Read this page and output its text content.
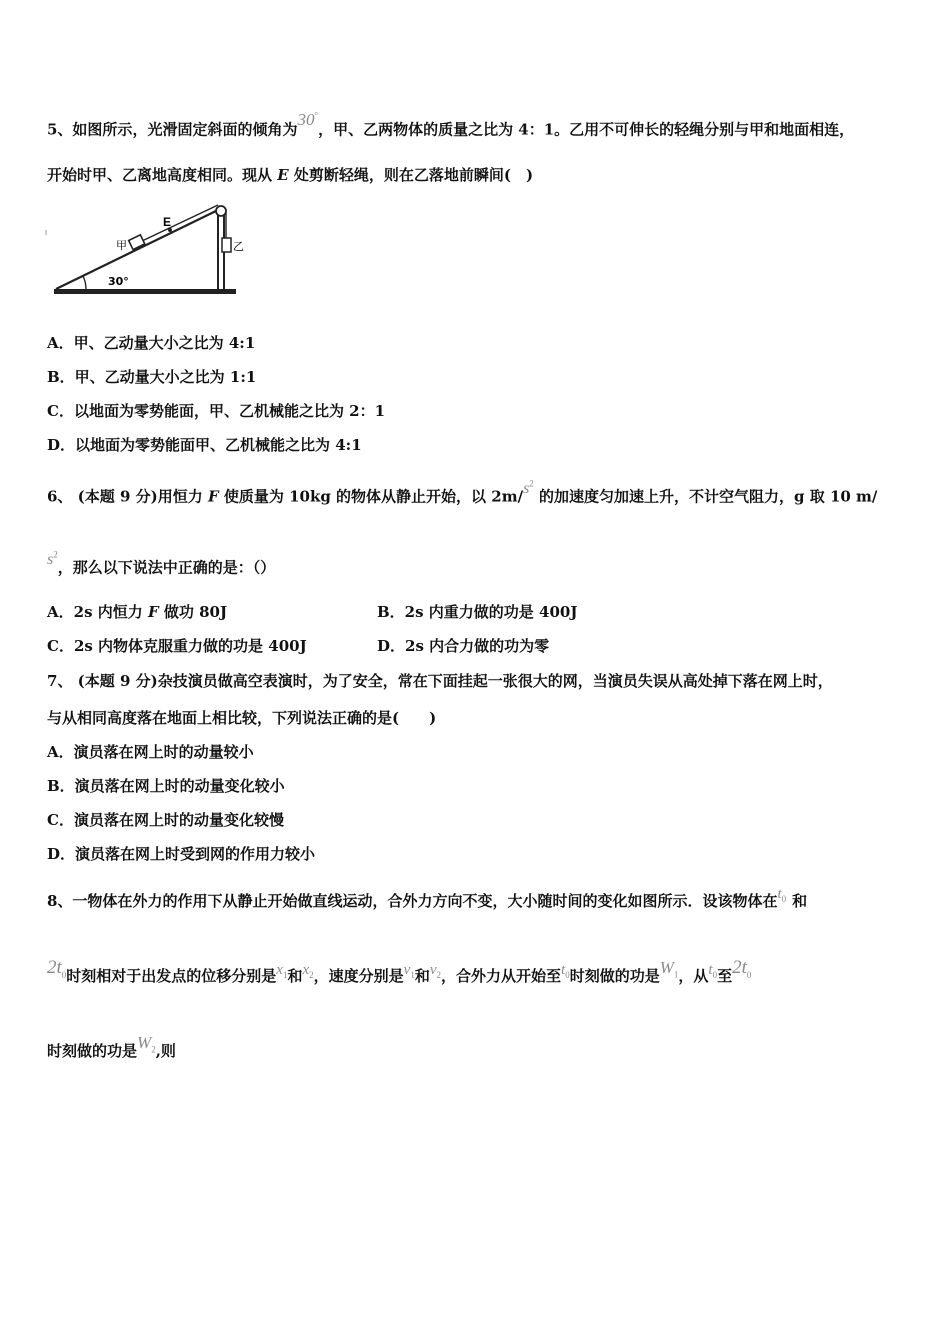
5、如图所示，光滑固定斜面的倾角为30°，甲、乙两物体的质量之比为 4：1。乙用不可伸长的轻绳分别与甲和地面相连，
开始时甲、乙离地高度相同。现从 E 处剪断轻绳，则在乙落地前瞬间(　)
E
乙
甲
30°
A．甲、乙动量大小之比为 4:1
B．甲、乙动量大小之比为 1:1
C．以地面为零势能面，甲、乙机械能之比为 2：1
D．以地面为零势能面甲、乙机械能之比为 4:1
6、 (本题 9 分)用恒力 F 使质量为 10kg 的物体从静止开始，以 $2m/s^2$ 的加速度匀加速上升，不计空气阻力，g 取 10 m/
$s^2$，那么以下说法中正确的是：（）
A．2s 内恒力 F 做功 80J	B．2s 内重力做的功是 400J
C．2s 内物体克服重力做的功是 400J	D．2s 内合力做的功为零
7、 (本题 9 分)杂技演员做高空表演时，为了安全，常在下面挂起一张很大的网，当演员失误从高处掉下落在网上时，
与从相同高度落在地面上相比较，下列说法正确的是(　　)
A．演员落在网上时的动量较小
B．演员落在网上时的动量变化较小
C．演员落在网上时的动量变化较慢
D．演员落在网上时受到网的作用力较小
8、一物体在外力的作用下从静止开始做直线运动，合外力方向不变，大小随时间的变化如图所示．设该物体在$t_0$ 和
$2t_0$时刻相对于出发点的位移分别是$x_1$和$x_2$，速度分别是$v_1$和$v_2$，合外力从开始至$t_0$时刻做的功是$W_1$，从$t_0$至$2t_0$
时刻做的功是$W_2$,则
